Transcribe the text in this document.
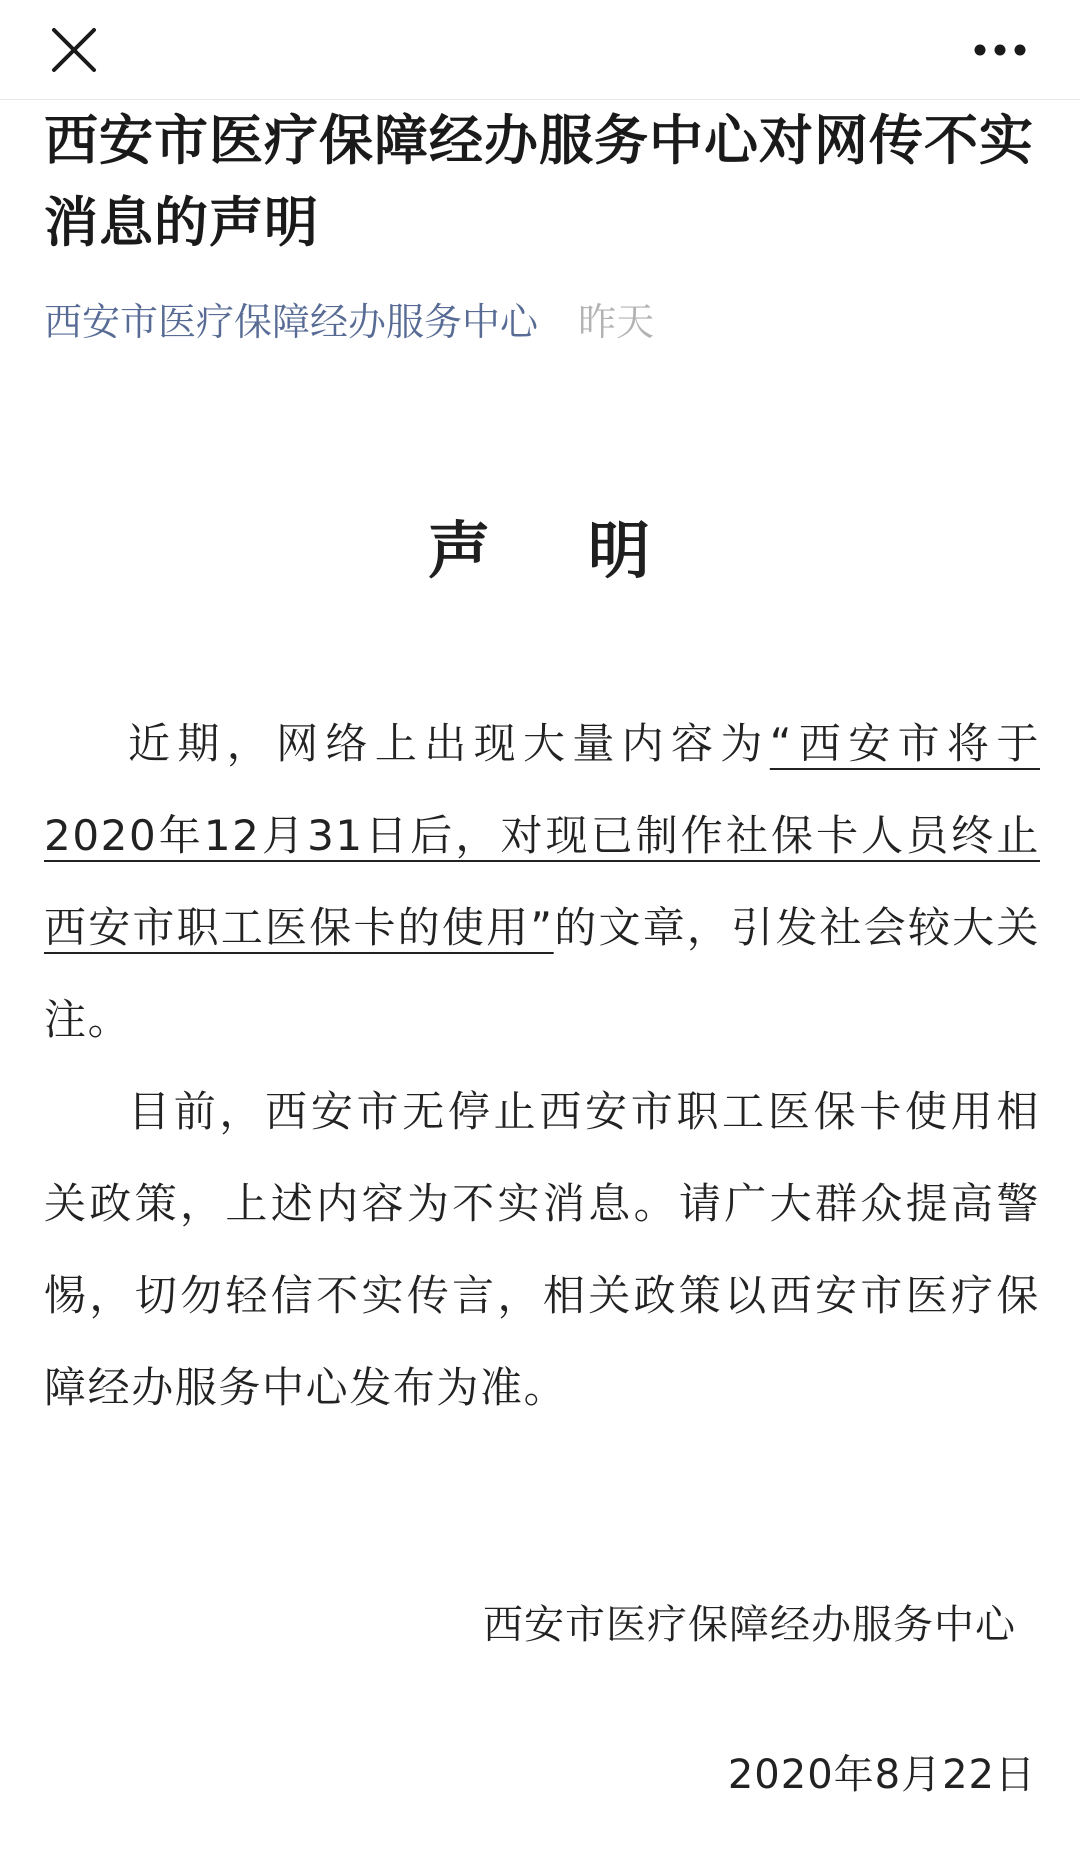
西安市医疗保障经办服务中心对网传不实消息的声明
西安市医疗保障经办服务中心 昨天
声 明

近期，网络上出现大量内容为“西安市将于2020年12月31日后，对现已制作社保卡人员终止西安市职工医保卡的使用”的文章，引发社会较大关注。

目前，西安市无停止西安市职工医保卡使用相关政策，上述内容为不实消息。请广大群众提高警惕，切勿轻信不实传言，相关政策以西安市医疗保障经办服务中心发布为准。

西安市医疗保障经办服务中心
2020年8月22日
